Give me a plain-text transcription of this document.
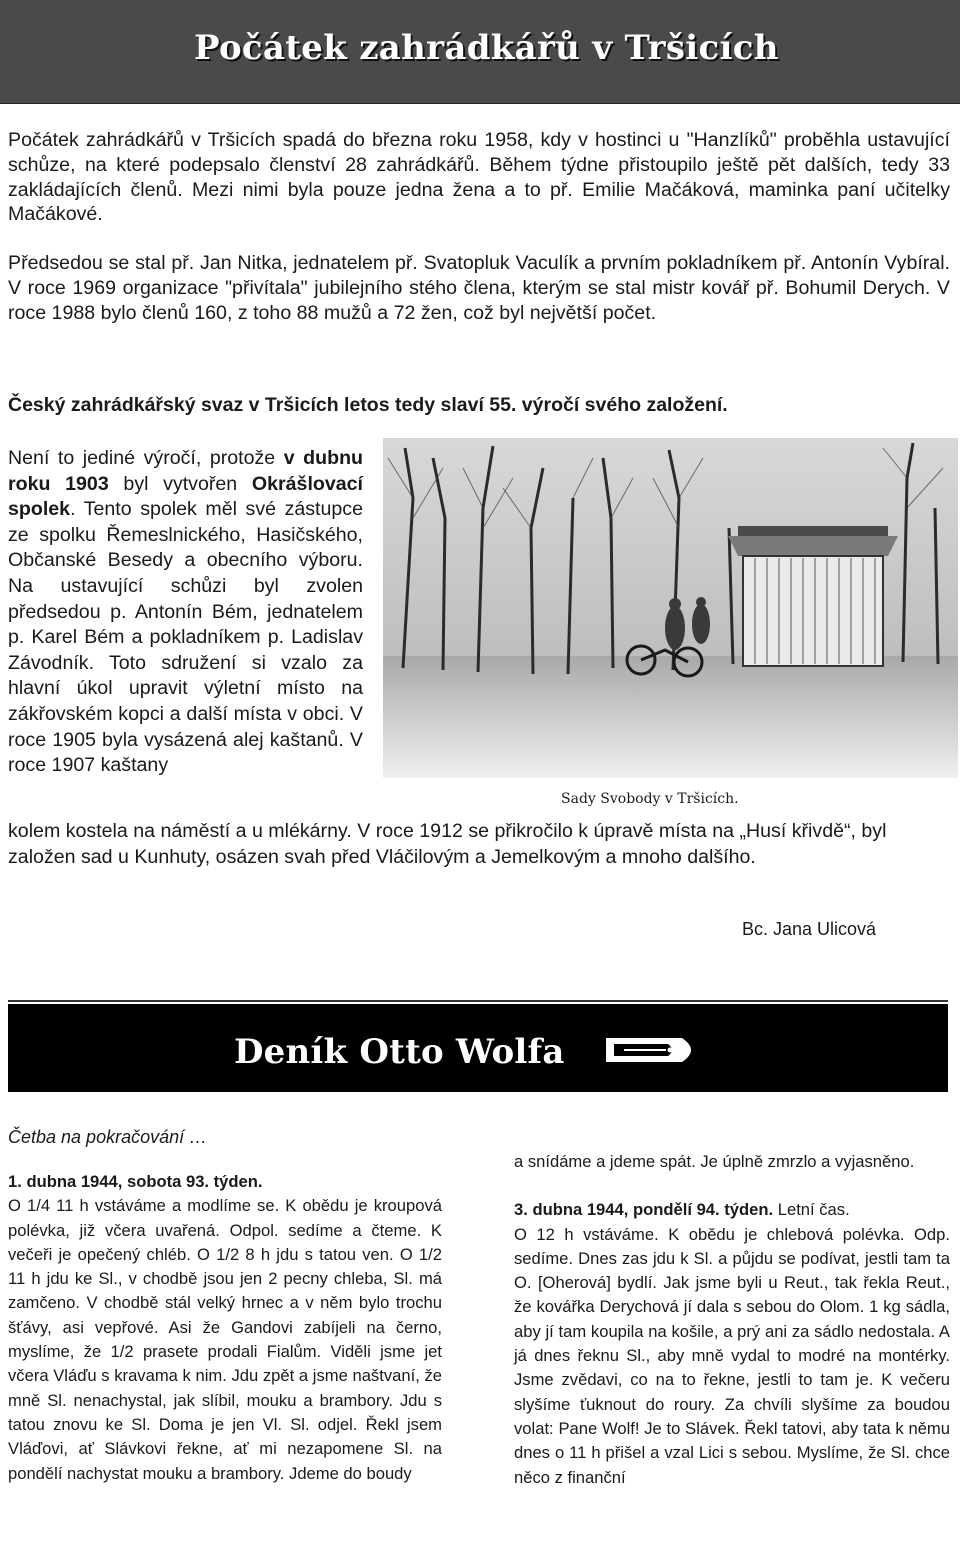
Počátek zahrádkářů v Tršicích

Počátek zahrádkářů v Tršicích spadá do března roku 1958, kdy v hostinci u "Hanzlíků" proběhla ustavující schůze, na které podepsalo členství 28 zahrádkářů. Během týdne přistoupilo ještě pět dalších, tedy 33 zakládajících členů. Mezi nimi byla pouze jedna žena a to př. Emilie Mačáková, maminka paní učitelky Mačákové.

Předsedou se stal př. Jan Nitka, jednatelem př. Svatopluk Vaculík a prvním pokladníkem př. Antonín Vybíral. V roce 1969 organizace "přivítala" jubilejního stého člena, kterým se stal mistr kovář př. Bohumil Derych. V roce 1988 bylo členů 160, z toho 88 mužů a 72 žen, což byl největší počet.

Český zahrádkářský svaz v Tršicích letos tedy slaví 55. výročí svého založení.
Není to jediné výročí, protože v dubnu roku 1903 byl vytvořen Okrášlovací spolek. Tento spolek měl své zástupce ze spolku Řemeslnického, Hasičského, Občanské Besedy a obecního výboru. Na ustavující schůzi byl zvolen předsedou p. Antonín Bém, jednatelem p. Karel Bém a pokladníkem p. Ladislav Závodník. Toto sdružení si vzalo za hlavní úkol upravit výletní místo na zákřovském kopci a další místa v obci. V roce 1905 byla vysázená alej kaštanů. V roce 1907 kaštany
Sady Svobody v Tršicích.
kolem kostela na náměstí a u mlékárny. V roce 1912 se přikročilo k úpravě místa na „Husí křivdě“, byl založen sad u Kunhuty, osázen svah před Vláčilovým a Jemelkovým a mnoho dalšího.
Bc. Jana Ulicová
Deník Otto Wolfa
Četba na pokračování …
1. dubna 1944, sobota 93. týden.
O 1/4 11 h vstáváme a modlíme se. K obědu je kroupová polévka, již včera uvařená. Odpol. sedíme a čteme. K večeři je opečený chléb. O 1/2 8 h jdu s tatou ven. O 1/2 11 h jdu ke Sl., v chodbě jsou jen 2 pecny chleba, Sl. má zamčeno. V chodbě stál velký hrnec a v něm bylo trochu šťávy, asi vepřové. Asi že Gandovi zabíjeli na černo, myslíme, že 1/2 prasete prodali Fialům. Viděli jsme jet včera Vláďu s kravama k nim. Jdu zpět a jsme naštvaní, že mně Sl. nenachystal, jak slíbil, mouku a brambory. Jdu s tatou znovu ke Sl. Doma je jen Vl. Sl. odjel. Řekl jsem Vláďovi, ať Slávkovi řekne, ať mi nezapomene Sl. na pondělí nachystat mouku a brambory. Jdeme do boudy
a snídáme a jdeme spát. Je úplně zmrzlo a vyjasněno.
3. dubna 1944, pondělí 94. týden. Letní čas.
O 12 h vstáváme. K obědu je chlebová polévka. Odp. sedíme. Dnes zas jdu k Sl. a půjdu se podívat, jestli tam ta O. [Oherová] bydlí. Jak jsme byli u Reut., tak řekla Reut., že kovářka Derychová jí dala s sebou do Olom. 1 kg sádla, aby jí tam koupila na košile, a prý ani za sádlo nedostala. A já dnes řeknu Sl., aby mně vydal to modré na montérky. Jsme zvědavi, co na to řekne, jestli to tam je. K večeru slyšíme ťuknout do roury. Za chvíli slyšíme za boudou volat: Pane Wolf! Je to Slávek. Řekl tatovi, aby tata k němu dnes o 11 h přišel a vzal Lici s sebou. Myslíme, že Sl. chce něco z finanční
